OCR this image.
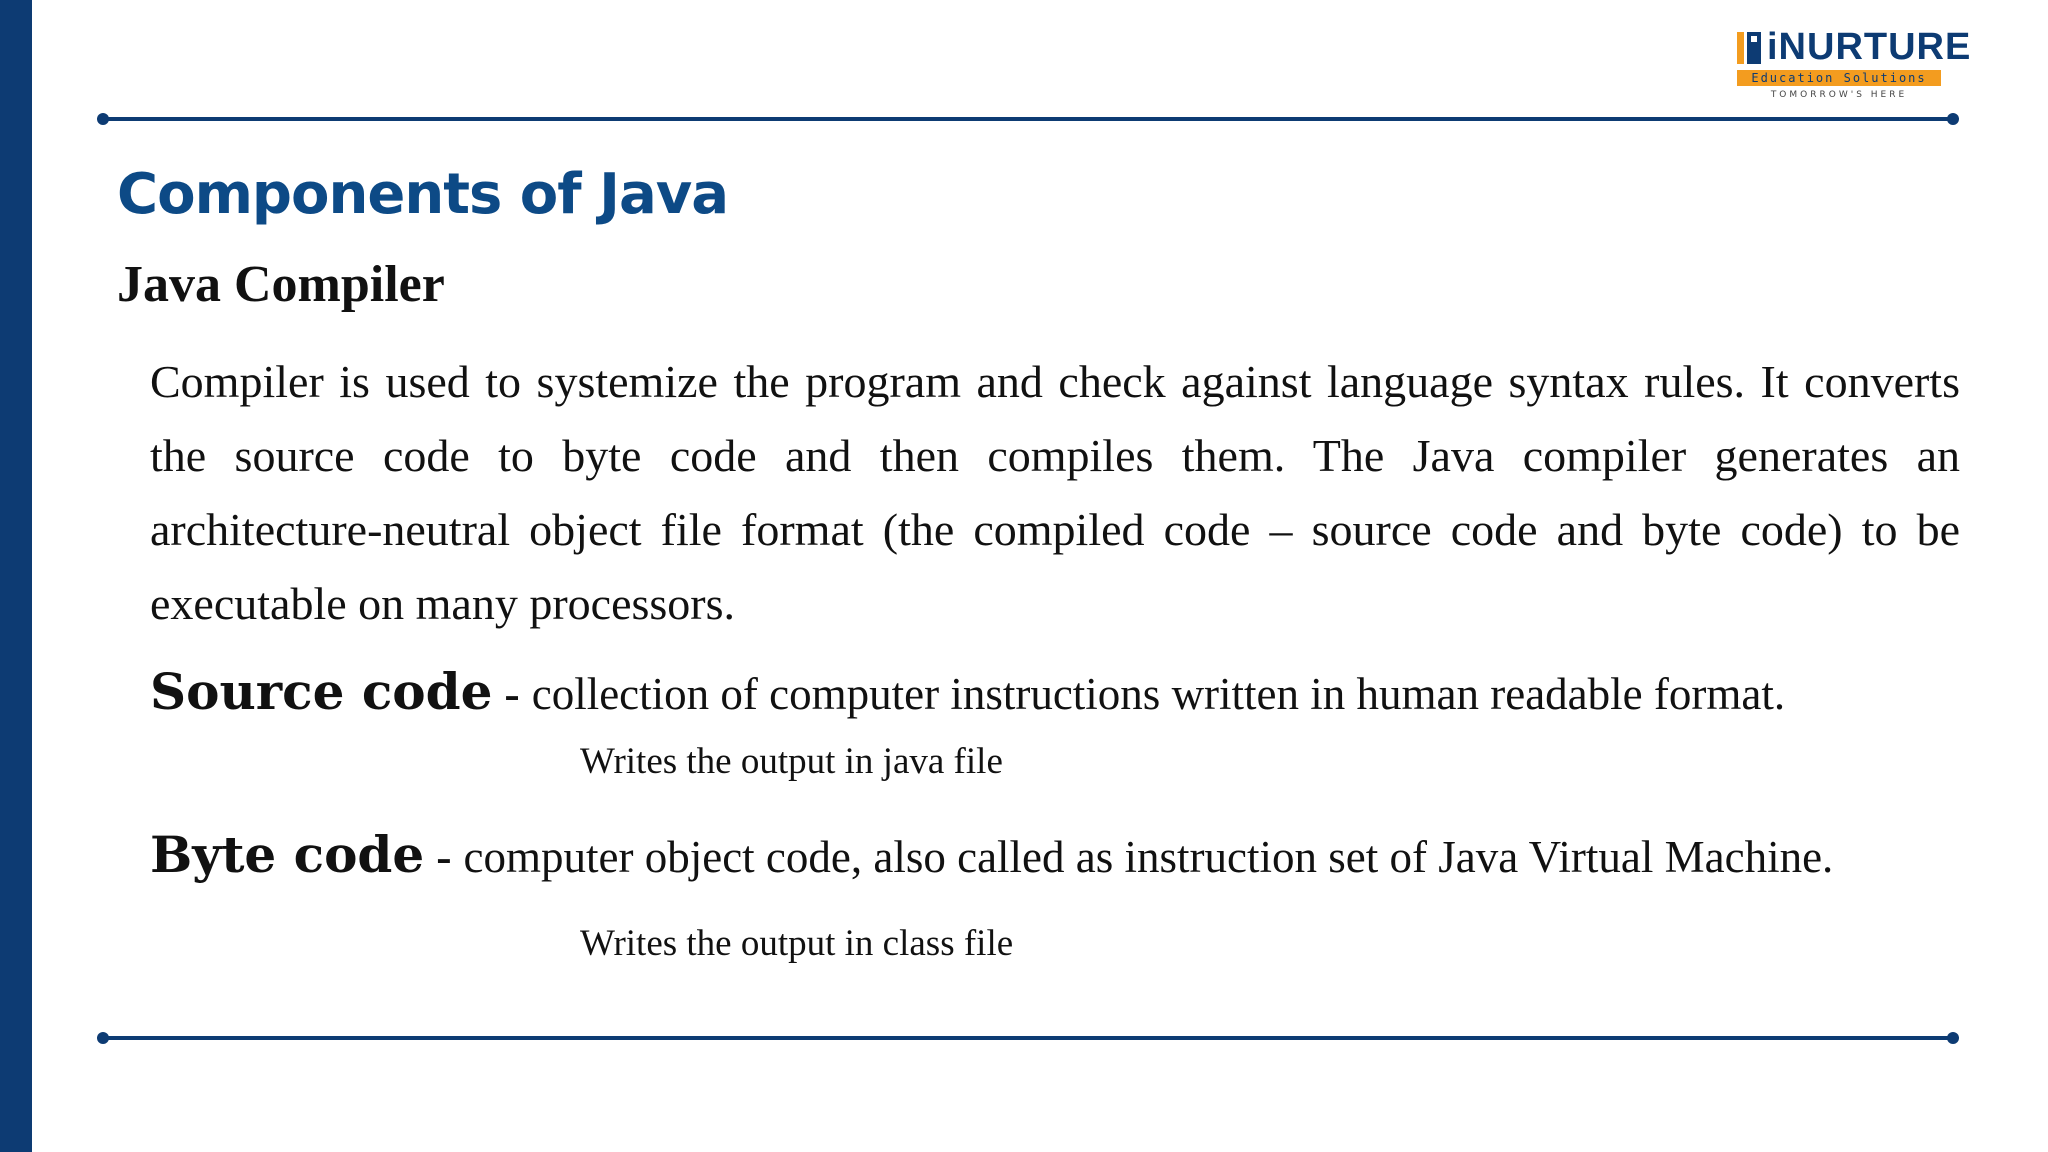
iNURTURE
Education Solutions
TOMORROW'S HERE
Components of Java
Java Compiler

Compiler is used to systemize the program and check against language syntax rules. It converts the source code to byte code and then compiles them. The Java compiler generates an architecture-neutral object file format (the compiled code – source code and byte code) to be executable on many processors.

Source code - collection of computer instructions written in human readable format.
Writes the output in java file
Byte code - computer object code, also called as instruction set of Java Virtual Machine.
Writes the output in class file
